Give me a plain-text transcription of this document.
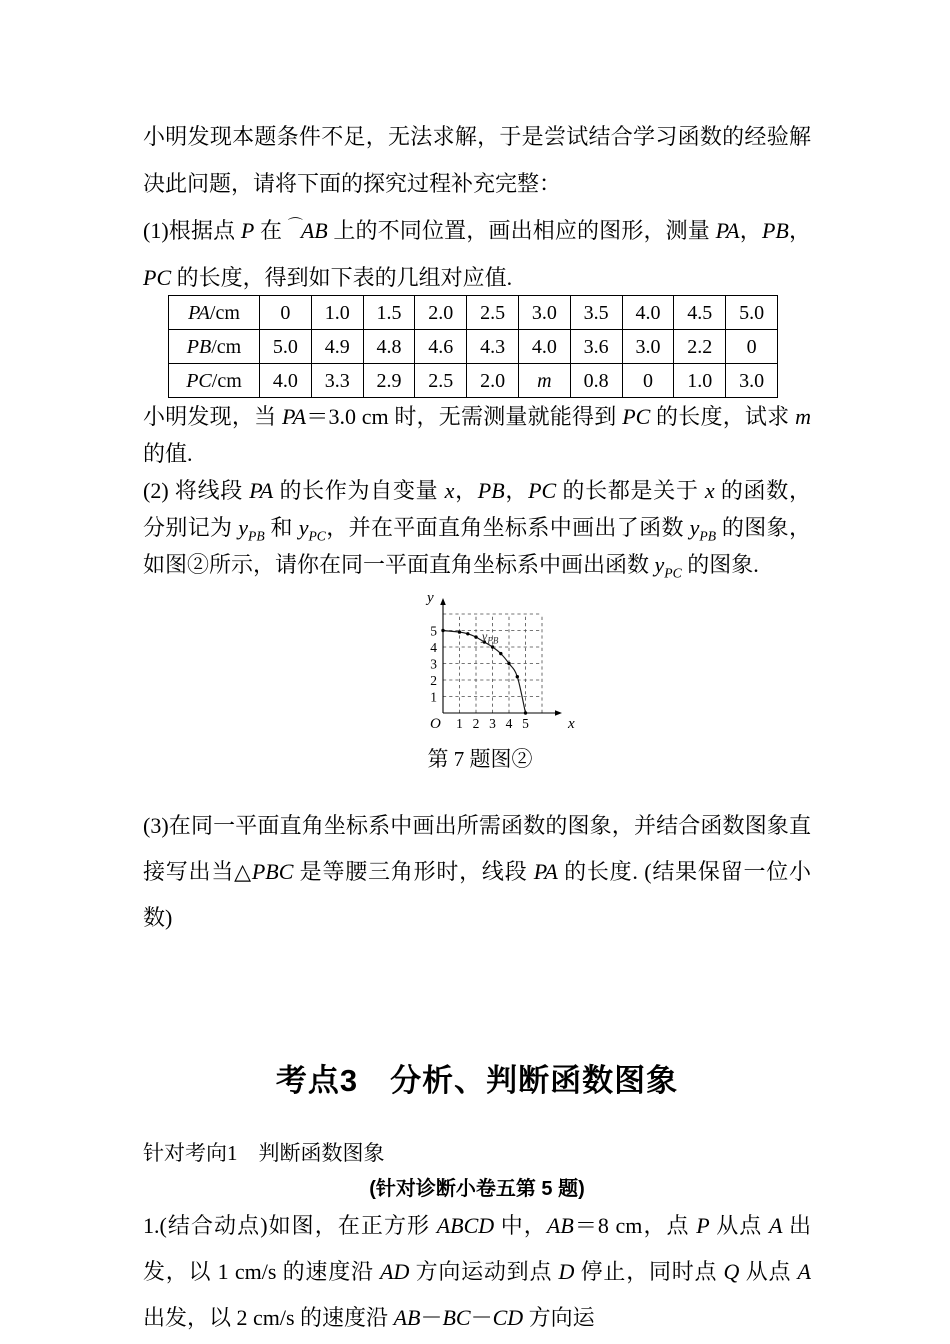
小明发现本题条件不足，无法求解，于是尝试结合学习函数的经验解决此问题，请将下面的探究过程补充完整：

(1)根据点 P 在 ⌒AB 上的不同位置，画出相应的图形，测量 PA，PB，PC 的长度，得到如下表的几组对应值.

PA/cm	0	1.0	1.5	2.0	2.5	3.0	3.5	4.0	4.5	5.0
PB/cm	5.0	4.9	4.8	4.6	4.3	4.0	3.6	3.0	2.2	0
PC/cm	4.0	3.3	2.9	2.5	2.0	m	0.8	0	1.0	3.0

小明发现，当 PA＝3.0 cm 时，无需测量就能得到 PC 的长度，试求 m 的值.

(2) 将线段 PA 的长作为自变量 x，PB，PC 的长都是关于 x 的函数，分别记为 $y_{PB}$ 和 $y_{PC}$，并在平面直角坐标系中画出了函数 $y_{PB}$ 的图象，如图②所示，请你在同一平面直角坐标系中画出函数 $y_{PC}$ 的图象.

1 2 3 4 5
1
2
3
4
5
O	x
y
$y_{PB}$

第 7 题图②

(3)在同一平面直角坐标系中画出所需函数的图象，并结合函数图象直接写出当△PBC 是等腰三角形时，线段 PA 的长度. (结果保留一位小数)

考点3　分析、判断函数图象

针对考向1　判断函数图象

(针对诊断小卷五第 5 题)

1.(结合动点)如图，在正方形 ABCD 中，AB＝8 cm，点 P 从点 A 出发，以 1 cm/s 的速度沿 AD 方向运动到点 D 停止，同时点 Q 从点 A 出发，以 2 cm/s 的速度沿 AB－BC－CD 方向运
